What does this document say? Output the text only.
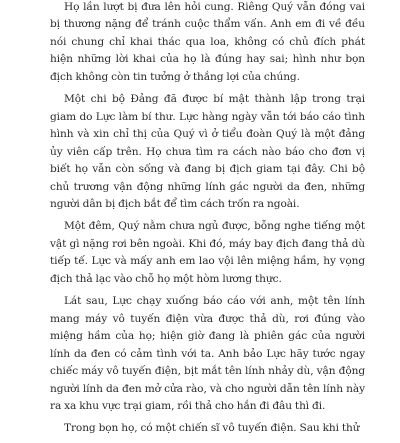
Họ lần lượt bị đưa lên hỏi cung. Riêng Quý vẫn đóng vai bị thương nặng để tránh cuộc thẩm vấn. Anh em đi về đều nói chung chỉ khai thác qua loa, không có chủ đích phát hiện những lời khai của họ là đúng hay sai; hình như bọn địch không còn tin tưởng ở thắng lợi của chúng.

Một chi bộ Đảng đã được bí mật thành lập trong trại giam do Lực làm bí thư. Lực hàng ngày vẫn tới báo cáo tình hình và xin chỉ thị của Quý vì ở tiểu đoàn Quý là một đảng ủy viên cấp trên. Họ chưa tìm ra cách nào báo cho đơn vị biết họ vẫn còn sống và đang bị địch giam tại đây. Chi bộ chủ trương vận động những lính gác người da đen, những người dân bị địch bắt để tìm cách trốn ra ngoài.

Một đêm, Quý nằm chưa ngủ được, bỗng nghe tiếng một vật gì nặng rơi bên ngoài. Khi đó, máy bay địch đang thả dù tiếp tế. Lực và mấy anh em lao vội lên miệng hầm, hy vọng địch thả lạc vào chỗ họ một hòm lương thực.

Lát sau, Lực chạy xuống báo cáo với anh, một tên lính mang máy vô tuyến điện vừa được thả dù, rơi đúng vào miệng hầm của họ; hiện giờ đang là phiên gác của người lính da đen có cảm tình với ta. Anh bảo Lực hãy tước ngay chiếc máy vô tuyến điện, bịt mắt tên lính nhảy dù, vận động người lính da đen mở cửa rào, và cho người dẫn tên lính này ra xa khu vực trại giam, rồi thả cho hắn đi đâu thì đi.

Trong bọn họ, có một chiến sĩ vô tuyến điện. Sau khi thử
